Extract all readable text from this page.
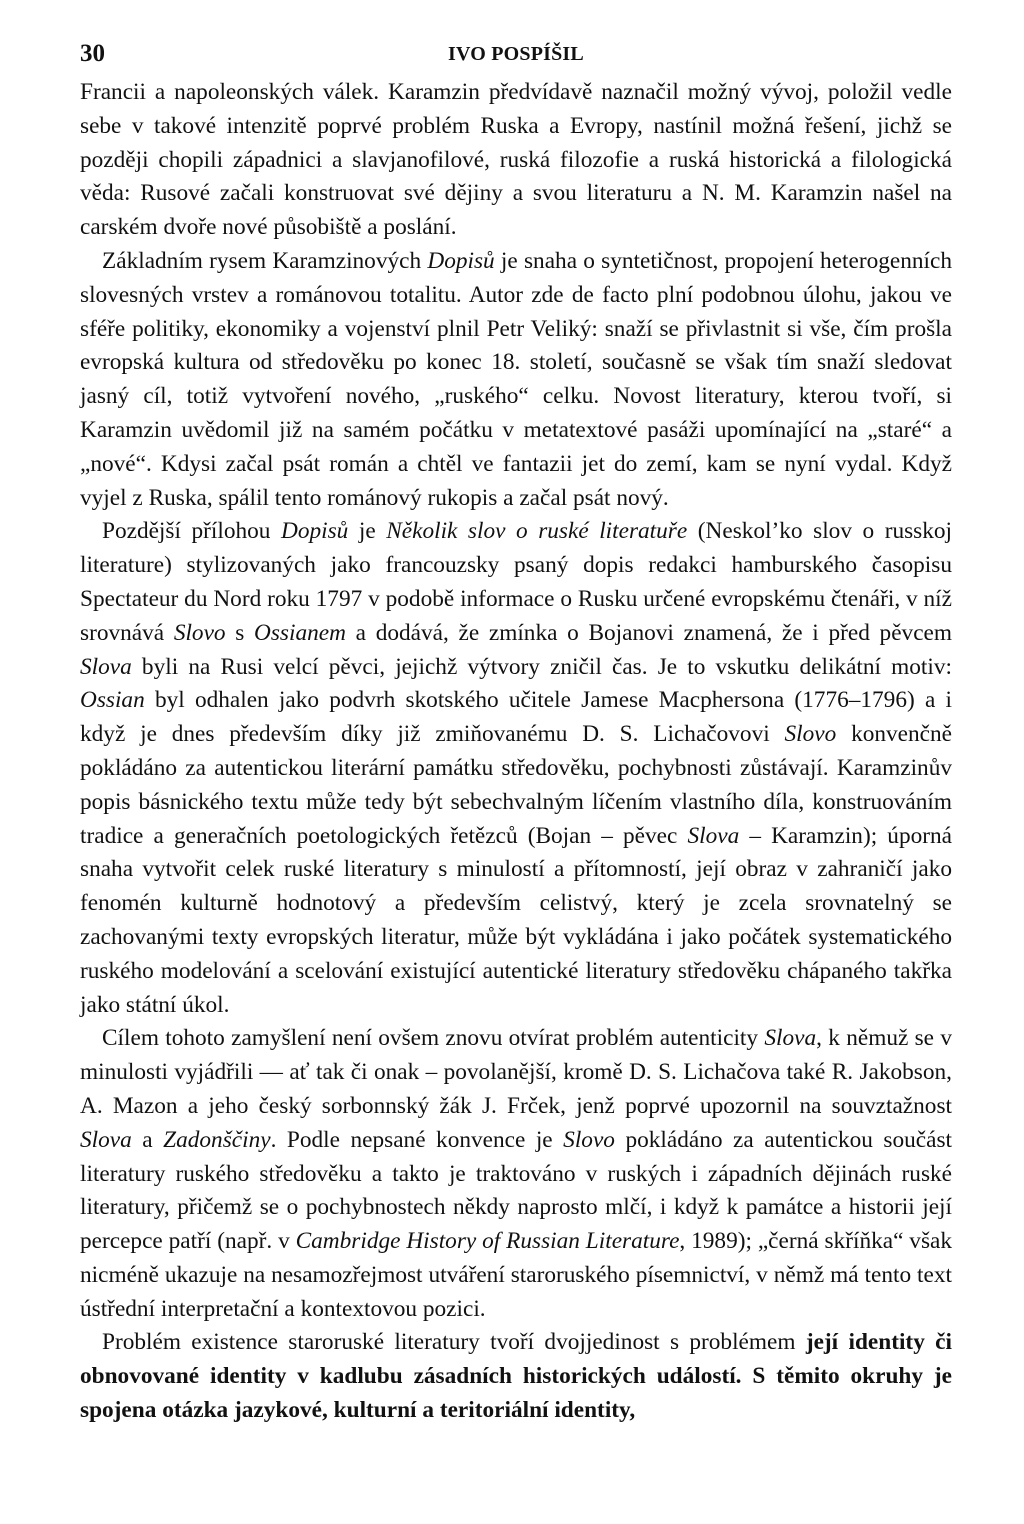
30	IVO POSPÍŠIL

Francii a napoleonských válek. Karamzin předvídavě naznačil možný vývoj, položil vedle sebe v takové intenzitě poprvé problém Ruska a Evropy, nastínil možná řešení, jichž se později chopili západnici a slavjanofilové, ruská filozofie a ruská historická a filologická věda: Rusové začali konstruovat své dějiny a svou literaturu a N. M. Karamzin našel na carském dvoře nové působiště a poslání.

Základním rysem Karamzinových Dopisů je snaha o syntetičnost, propojení heterogenních slovesných vrstev a románovou totalitu. Autor zde de facto plní podobnou úlohu, jakou ve sféře politiky, ekonomiky a vojenství plnil Petr Veliký: snaží se přivlastnit si vše, čím prošla evropská kultura od středověku po konec 18. století, současně se však tím snaží sledovat jasný cíl, totiž vytvoření nového, „ruského“ celku. Novost literatury, kterou tvoří, si Karamzin uvědomil již na samém počátku v metatextové pasáži upomínající na „staré“ a „nové“. Kdysi začal psát román a chtěl ve fantazii jet do zemí, kam se nyní vydal. Když vyjel z Ruska, spálil tento románový rukopis a začal psát nový.

Pozdější přílohou Dopisů je Několik slov o ruské literatuře (Neskol’ko slov o russkoj literature) stylizovaných jako francouzsky psaný dopis redakci hamburského časopisu Spectateur du Nord roku 1797 v podobě informace o Rusku určené evropskému čtenáři, v níž srovnává Slovo s Ossianem a dodává, že zmínka o Bojanovi znamená, že i před pěvcem Slova byli na Rusi velcí pěvci, jejichž výtvory zničil čas. Je to vskutku delikátní motiv: Ossian byl odhalen jako podvrh skotského učitele Jamese Macphersona (1776–1796) a i když je dnes především díky již zmiňovanému D. S. Lichačovovi Slovo konvenčně pokládáno za autentickou literární památku středověku, pochybnosti zůstávají. Karamzinův popis básnického textu může tedy být sebechvalným líčením vlastního díla, konstruováním tradice a generačních poetologických řetězců (Bojan – pěvec Slova – Karamzin); úporná snaha vytvořit celek ruské literatury s minulostí a přítomností, její obraz v zahraničí jako fenomén kulturně hodnotový a především celistvý, který je zcela srovnatelný se zachovanými texty evropských literatur, může být vykládána i jako počátek systematického ruského modelování a scelování existující autentické literatury středověku chápaného takřka jako státní úkol.

Cílem tohoto zamyšlení není ovšem znovu otvírat problém autenticity Slova, k němuž se v minulosti vyjádřili — ať tak či onak – povolanější, kromě D. S. Lichačova také R. Jakobson, A. Mazon a jeho český sorbonnský žák J. Frček, jenž poprvé upozornil na souvztažnost Slova a Zadonščiny. Podle nepsané konvence je Slovo pokládáno za autentickou součást literatury ruského středověku a takto je traktováno v ruských i západních dějinách ruské literatury, přičemž se o pochybnostech někdy naprosto mlčí, i když k památce a historii její percepce patří (např. v Cambridge History of Russian Literature, 1989); „černá skříňka“ však nicméně ukazuje na nesamozřejmost utváření staroruského písemnictví, v němž má tento text ústřední interpretační a kontextovou pozici.

Problém existence staroruské literatury tvoří dvojjedinost s problémem její identity či obnovované identity v kadlubu zásadních historických událostí. S těmito okruhy je spojena otázka jazykové, kulturní a teritoriální identity,
